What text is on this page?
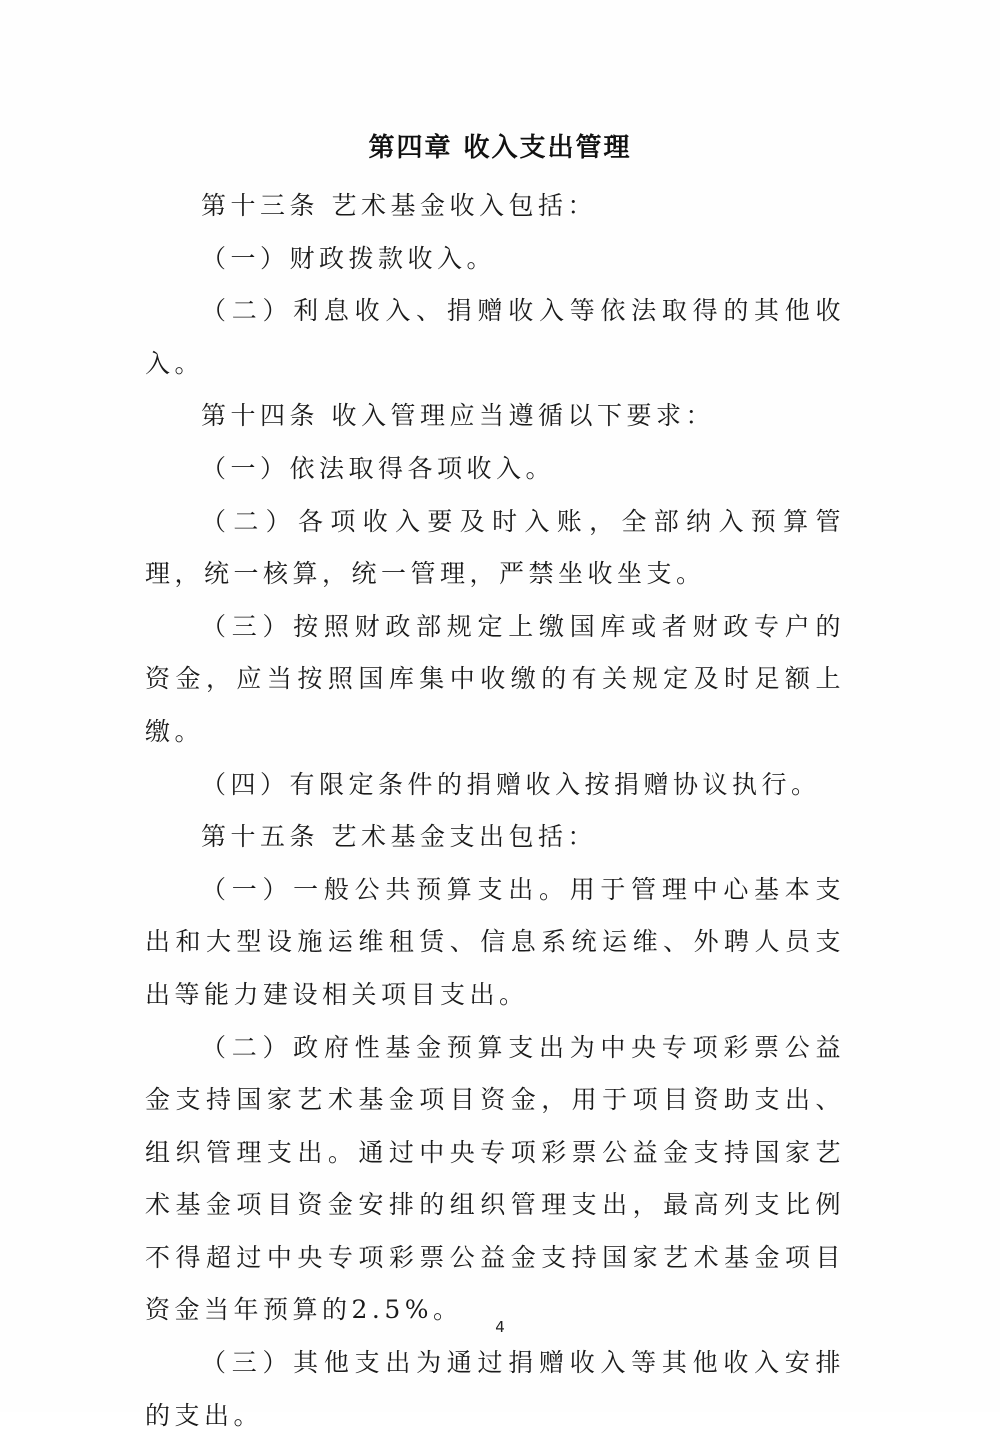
第四章 收入支出管理

第十三条 艺术基金收入包括：

（一）财政拨款收入。

（二）利息收入、捐赠收入等依法取得的其他收入。

第十四条 收入管理应当遵循以下要求：

（一）依法取得各项收入。

（二）各项收入要及时入账，全部纳入预算管理，统一核算，统一管理，严禁坐收坐支。

（三）按照财政部规定上缴国库或者财政专户的资金，应当按照国库集中收缴的有关规定及时足额上缴。

（四）有限定条件的捐赠收入按捐赠协议执行。

第十五条 艺术基金支出包括：

（一）一般公共预算支出。用于管理中心基本支出和大型设施运维租赁、信息系统运维、外聘人员支出等能力建设相关项目支出。

（二）政府性基金预算支出为中央专项彩票公益金支持国家艺术基金项目资金，用于项目资助支出、组织管理支出。通过中央专项彩票公益金支持国家艺术基金项目资金安排的组织管理支出，最高列支比例不得超过中央专项彩票公益金支持国家艺术基金项目资金当年预算的2.5%。

（三）其他支出为通过捐赠收入等其他收入安排的支出。

4
